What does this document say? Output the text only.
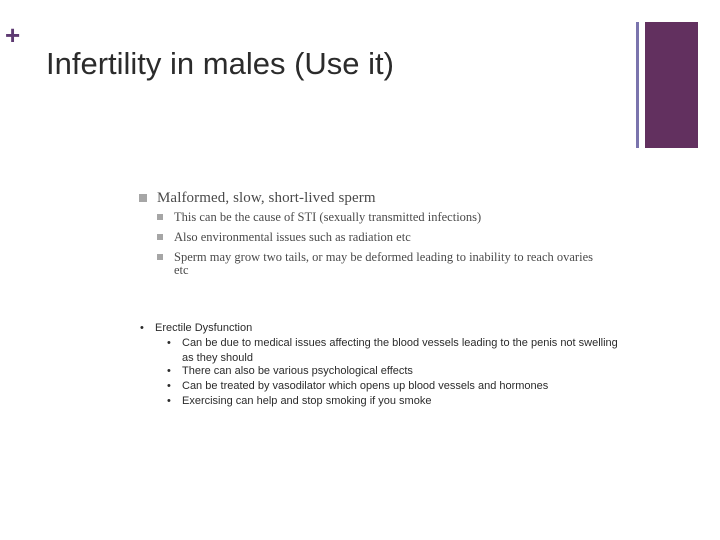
+
Infertility in males (Use it)
Malformed, slow, short-lived sperm
This can be the cause of STI (sexually transmitted infections)
Also environmental issues such as radiation etc
Sperm may grow two tails, or may be deformed leading to inability to reach ovaries etc
• Erectile Dysfunction
• Can be due to medical issues affecting the blood vessels leading to the penis not swelling as they should
• There can also be various psychological effects
• Can be treated by vasodilator which opens up blood vessels and hormones
• Exercising can help and stop smoking if you smoke
